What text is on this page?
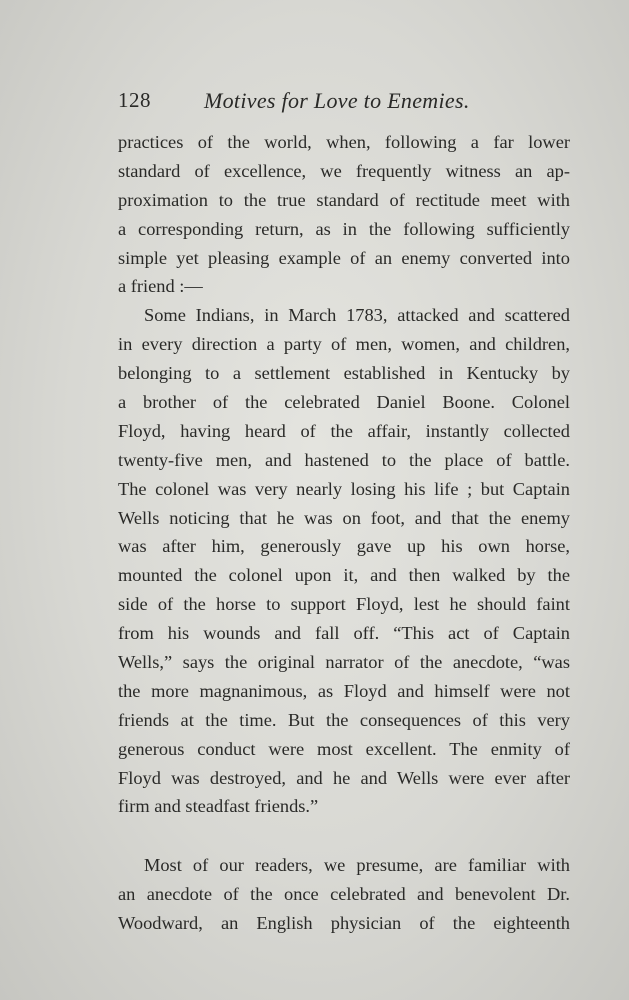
128 Motives for Love to Enemies.
practices of the world, when, following a far lower
standard of excellence, we frequently witness an ap-
proximation to the true standard of rectitude meet with
a corresponding return, as in the following sufficiently
simple yet pleasing example of an enemy converted into
a friend :—
Some Indians, in March 1783, attacked and scattered
in every direction a party of men, women, and children,
belonging to a settlement established in Kentucky by
a brother of the celebrated Daniel Boone. Colonel
Floyd, having heard of the affair, instantly collected
twenty-five men, and hastened to the place of battle.
The colonel was very nearly losing his life ; but Captain
Wells noticing that he was on foot, and that the enemy
was after him, generously gave up his own horse,
mounted the colonel upon it, and then walked by the
side of the horse to support Floyd, lest he should faint
from his wounds and fall off. “This act of Captain
Wells,” says the original narrator of the anecdote, “was
the more magnanimous, as Floyd and himself were not
friends at the time. But the consequences of this very
generous conduct were most excellent. The enmity of
Floyd was destroyed, and he and Wells were ever after
firm and steadfast friends.”
Most of our readers, we presume, are familiar with
an anecdote of the once celebrated and benevolent Dr.
Woodward, an English physician of the eighteenth
